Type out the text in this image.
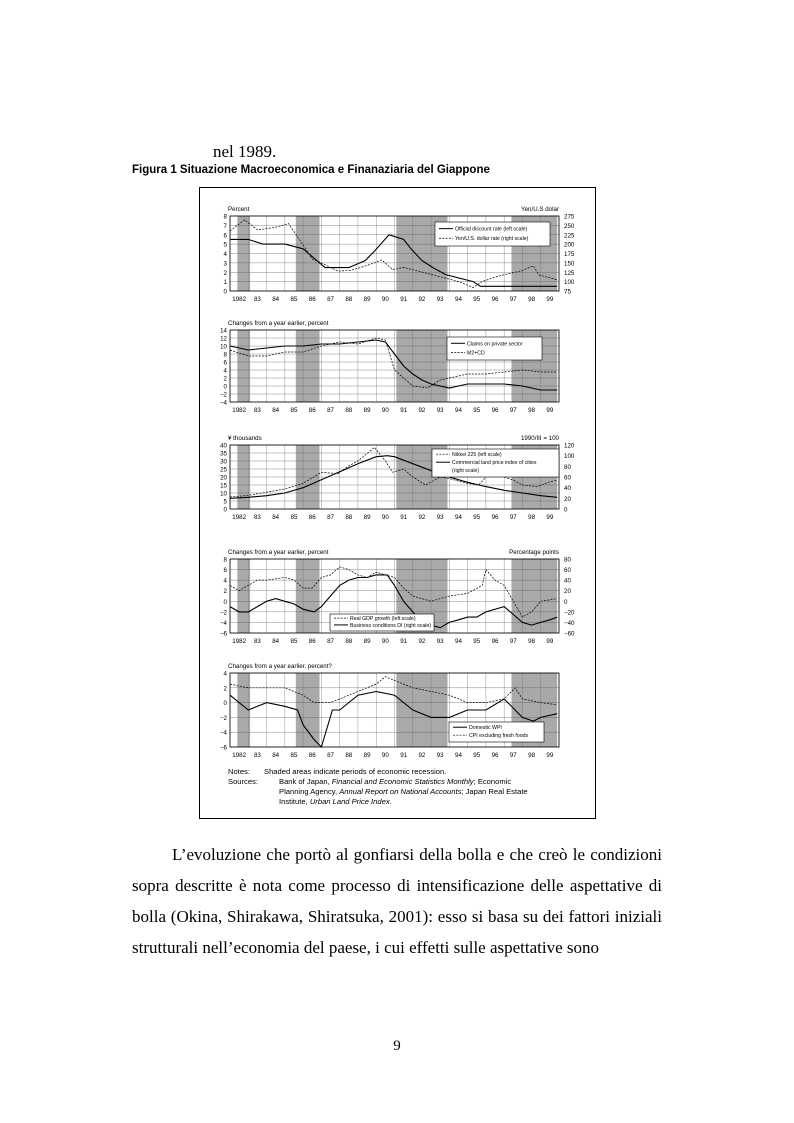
nel 1989.
Figura 1 Situazione Macroeconomica e Finanaziaria del Giappone
8
7
6
5
4
3
2
1
0
275
250
225
200
175
150
125
100
75
Percent	Yen/U.S dolar
1982 83 84 85 86 87 88 89 90 91 92 93 94 95 96 97 98 99
Official discount rate (left scale)
Yen/U.S. dollar rate (right scale)
14
12
10
8
6
4
2
0
−2
−4
Changes from a year earlier, percent
1982 83 84 85 86 87 88 89 90 91 92 93 94 95 96 97 98 99
Claims on private sector
M2+CD
40
35
30
25
20
15
10
5
0
120
100
80
60
40
20
0
¥ thousands	1990/III = 100
1982 83 84 85 86 87 88 89 90 91 92 93 94 95 96 97 98 99
Nikkei 225 (left scale)
Commercial land price index of cities
(right scale)
8
6
4
2
0
−2
−4
−6
80
60
40
20
0
−20
−40
−60
Changes from a year earlier, percent	Percentage points
1982 83 84 85 86 87 88 89 90 91 92 93 94 95 96 97 98 99
Real GDP growth (left scale)
Business conditions DI (right scale)
4
2
0
−2
−4
−6
Changes from a year earlier, percent?
1982 83 84 85 86 87 88 89 90 91 92 93 94 95 96 97 98 99
Domestic WPI
CPI excluding fresh foods
Notes: Shaded areas indicate periods of economic recession.
Sources:	Bank of Japan, Financial and Economic Statistics Monthly; Economic
Planning Agency, Annual Report on National Accounts; Japan Real Estate
Institute, Urban Land Price Index.

L’evoluzione che portò al gonfiarsi della bolla e che creò le condizioni sopra descritte è nota come processo di intensificazione delle aspettative di bolla (Okina, Shirakawa, Shiratsuka, 2001): esso si basa su dei fattori iniziali strutturali nell’economia del paese, i cui effetti sulle aspettative sono

9
